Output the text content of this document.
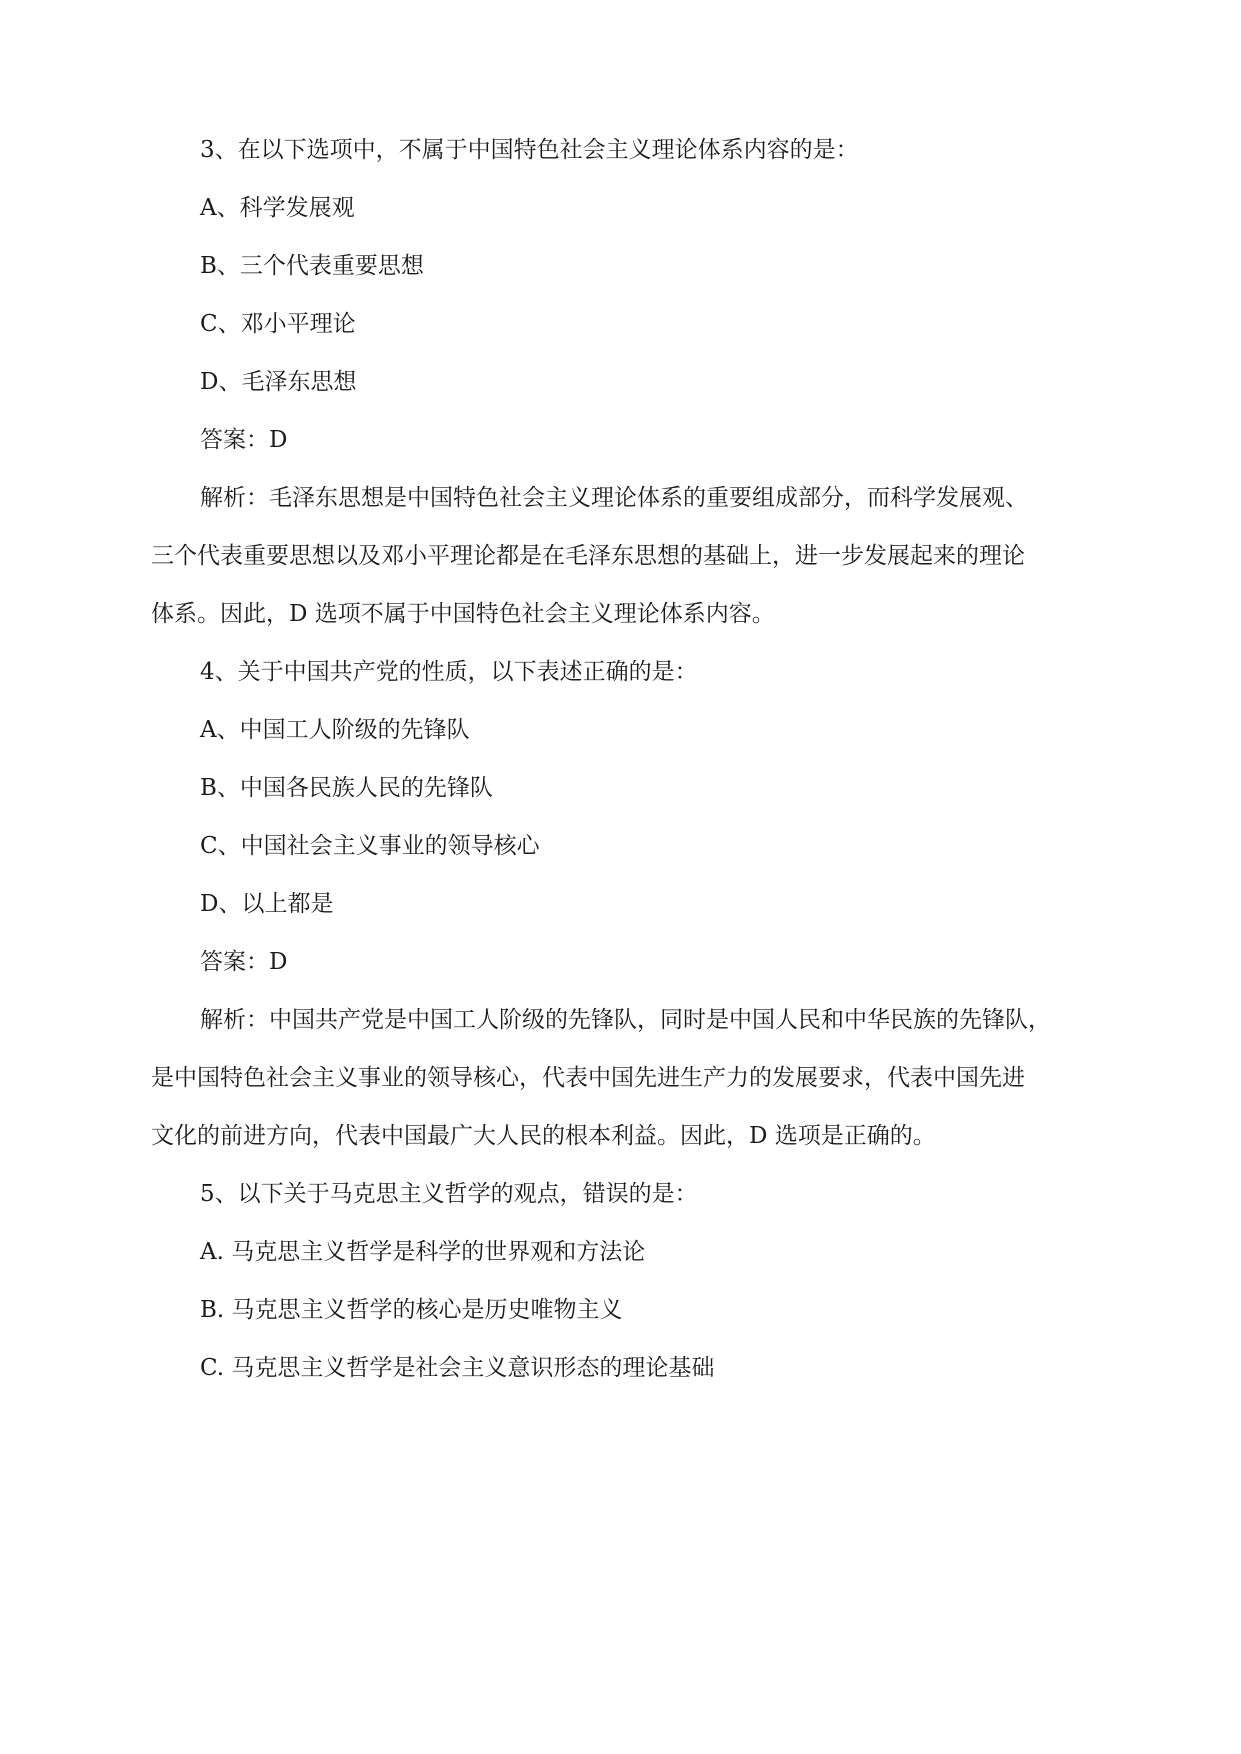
3、在以下选项中，不属于中国特色社会主义理论体系内容的是：
A、科学发展观
B、三个代表重要思想
C、邓小平理论
D、毛泽东思想
答案：D
解析：毛泽东思想是中国特色社会主义理论体系的重要组成部分，而科学发展观、
三个代表重要思想以及邓小平理论都是在毛泽东思想的基础上，进一步发展起来的理论
体系。因此，D 选项不属于中国特色社会主义理论体系内容。
4、关于中国共产党的性质，以下表述正确的是：
A、中国工人阶级的先锋队
B、中国各民族人民的先锋队
C、中国社会主义事业的领导核心
D、以上都是
答案：D
解析：中国共产党是中国工人阶级的先锋队，同时是中国人民和中华民族的先锋队，
是中国特色社会主义事业的领导核心，代表中国先进生产力的发展要求，代表中国先进
文化的前进方向，代表中国最广大人民的根本利益。因此，D 选项是正确的。
5、以下关于马克思主义哲学的观点，错误的是：
A. 马克思主义哲学是科学的世界观和方法论
B. 马克思主义哲学的核心是历史唯物主义
C. 马克思主义哲学是社会主义意识形态的理论基础
